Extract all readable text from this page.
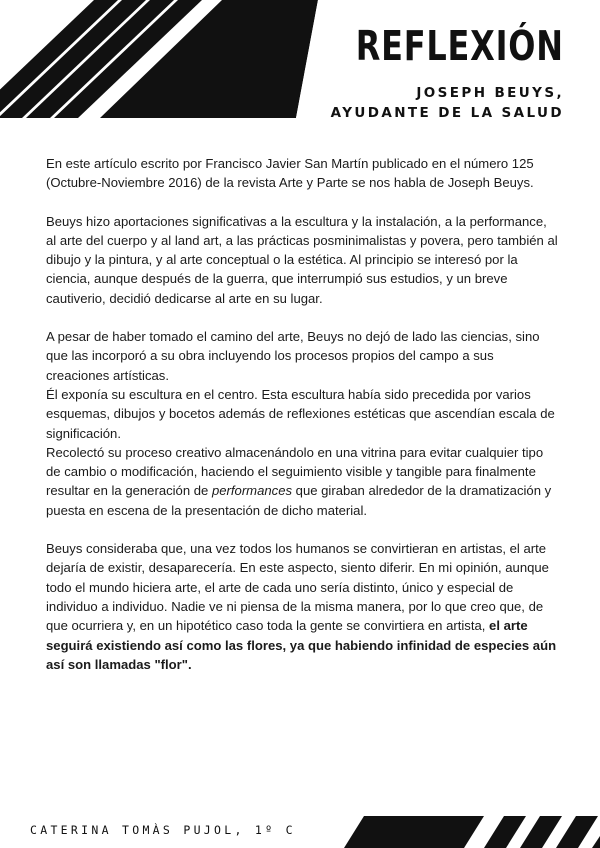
REFLEXIÓN
JOSEPH BEUYS,
AYUDANTE DE LA SALUD

En este artículo escrito por Francisco Javier San Martín publicado en el número 125 (Octubre-Noviembre 2016) de la revista Arte y Parte se nos habla de Joseph Beuys.

Beuys hizo aportaciones significativas a la escultura y la instalación, a la performance, al arte del cuerpo y al land art, a las prácticas posminimalistas y povera, pero también al dibujo y la pintura, y al arte conceptual o la estética. Al principio se interesó por la ciencia, aunque después de la guerra, que interrumpió sus estudios, y un breve cautiverio, decidió dedicarse al arte en su lugar.

A pesar de haber tomado el camino del arte, Beuys no dejó de lado las ciencias, sino que las incorporó a su obra incluyendo los procesos propios del campo a sus creaciones artísticas.

Él exponía su escultura en el centro. Esta escultura había sido precedida por varios esquemas, dibujos y bocetos además de reflexiones estéticas que ascendían escala de significación.

Recolectó su proceso creativo almacenándolo en una vitrina para evitar cualquier tipo de cambio o modificación, haciendo el seguimiento visible y tangible para finalmente resultar en la generación de performances que giraban alrededor de la dramatización y puesta en escena de la presentación de dicho material.

Beuys consideraba que, una vez todos los humanos se convirtieran en artistas, el arte dejaría de existir, desaparecería. En este aspecto, siento diferir. En mi opinión, aunque todo el mundo hiciera arte, el arte de cada uno sería distinto, único y especial de individuo a individuo. Nadie ve ni piensa de la misma manera, por lo que creo que, de que ocurriera y, en un hipotético caso toda la gente se convirtiera en artista, el arte seguirá existiendo así como las flores, ya que habiendo infinidad de especies aún así son llamadas "flor".

CATERINA TOMÀS PUJOL, 1º C
